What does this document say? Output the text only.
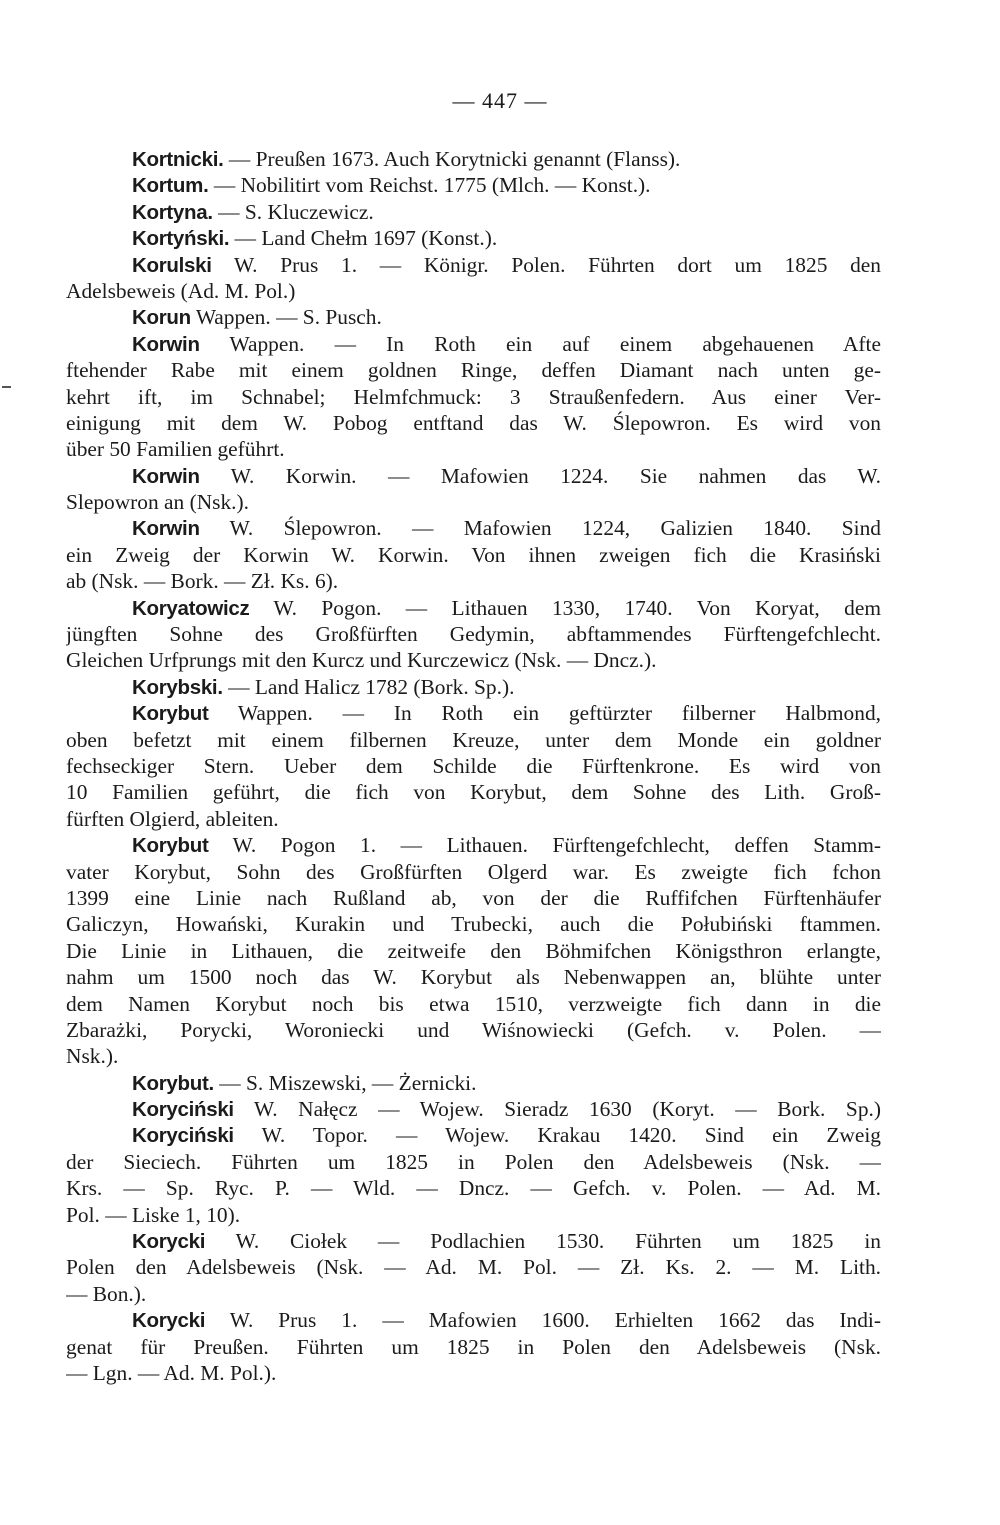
— 447 —
Kortnicki. — Preußen 1673. Auch Korytnicki genannt (Flanss).
Kortum. — Nobilitirt vom Reichst. 1775 (Mlch. — Konst.).
Kortyna. — S. Kluczewicz.
Kortyński. — Land Chełm 1697 (Konst.).
Korulski W. Prus 1. — Königr. Polen. Führten dort um 1825 den
Adelsbeweis (Ad. M. Pol.)
Korun Wappen. — S. Pusch.
Korwin Wappen. — In Roth ein auf einem abgehauenen Afte
ftehender Rabe mit einem goldnen Ringe, deffen Diamant nach unten ge-
kehrt ift, im Schnabel; Helmfchmuck: 3 Straußenfedern. Aus einer Ver-
einigung mit dem W. Pobog entftand das W. Ślepowron. Es wird von
über 50 Familien geführt.
Korwin W. Korwin. — Mafowien 1224. Sie nahmen das W.
Slepowron an (Nsk.).
Korwin W. Ślepowron. — Mafowien 1224, Galizien 1840. Sind
ein Zweig der Korwin W. Korwin. Von ihnen zweigen fich die Krasiński
ab (Nsk. — Bork. — Zł. Ks. 6).
Koryatowicz W. Pogon. — Lithauen 1330, 1740. Von Koryat, dem
jüngften Sohne des Großfürften Gedymin, abftammendes Fürftengefchlecht.
Gleichen Urfprungs mit den Kurcz und Kurczewicz (Nsk. — Dncz.).
Korybski. — Land Halicz 1782 (Bork. Sp.).
Korybut Wappen. — In Roth ein geftürzter filberner Halbmond,
oben befetzt mit einem filbernen Kreuze, unter dem Monde ein goldner
fechseckiger Stern. Ueber dem Schilde die Fürftenkrone. Es wird von
10 Familien geführt, die fich von Korybut, dem Sohne des Lith. Groß-
fürften Olgierd, ableiten.
Korybut W. Pogon 1. — Lithauen. Fürftengefchlecht, deffen Stamm-
vater Korybut, Sohn des Großfürften Olgerd war. Es zweigte fich fchon
1399 eine Linie nach Rußland ab, von der die Ruffifchen Fürftenhäufer
Galiczyn, Howański, Kurakin und Trubecki, auch die Połubiński ftammen.
Die Linie in Lithauen, die zeitweife den Böhmifchen Königsthron erlangte,
nahm um 1500 noch das W. Korybut als Nebenwappen an, blühte unter
dem Namen Korybut noch bis etwa 1510, verzweigte fich dann in die
Zbarażki, Porycki, Woroniecki und Wiśnowiecki (Gefch. v. Polen. —
Nsk.).
Korybut. — S. Miszewski, — Żernicki.
Koryciński W. Nałęcz — Wojew. Sieradz 1630 (Koryt. — Bork. Sp.)
Koryciński W. Topor. — Wojew. Krakau 1420. Sind ein Zweig
der Sieciech. Führten um 1825 in Polen den Adelsbeweis (Nsk. —
Krs. — Sp. Ryc. P. — Wld. — Dncz. — Gefch. v. Polen. — Ad. M.
Pol. — Liske 1, 10).
Korycki W. Ciołek — Podlachien 1530. Führten um 1825 in
Polen den Adelsbeweis (Nsk. — Ad. M. Pol. — Zł. Ks. 2. — M. Lith.
— Bon.).
Korycki W. Prus 1. — Mafowien 1600. Erhielten 1662 das Indi-
genat für Preußen. Führten um 1825 in Polen den Adelsbeweis (Nsk.
— Lgn. — Ad. M. Pol.).
